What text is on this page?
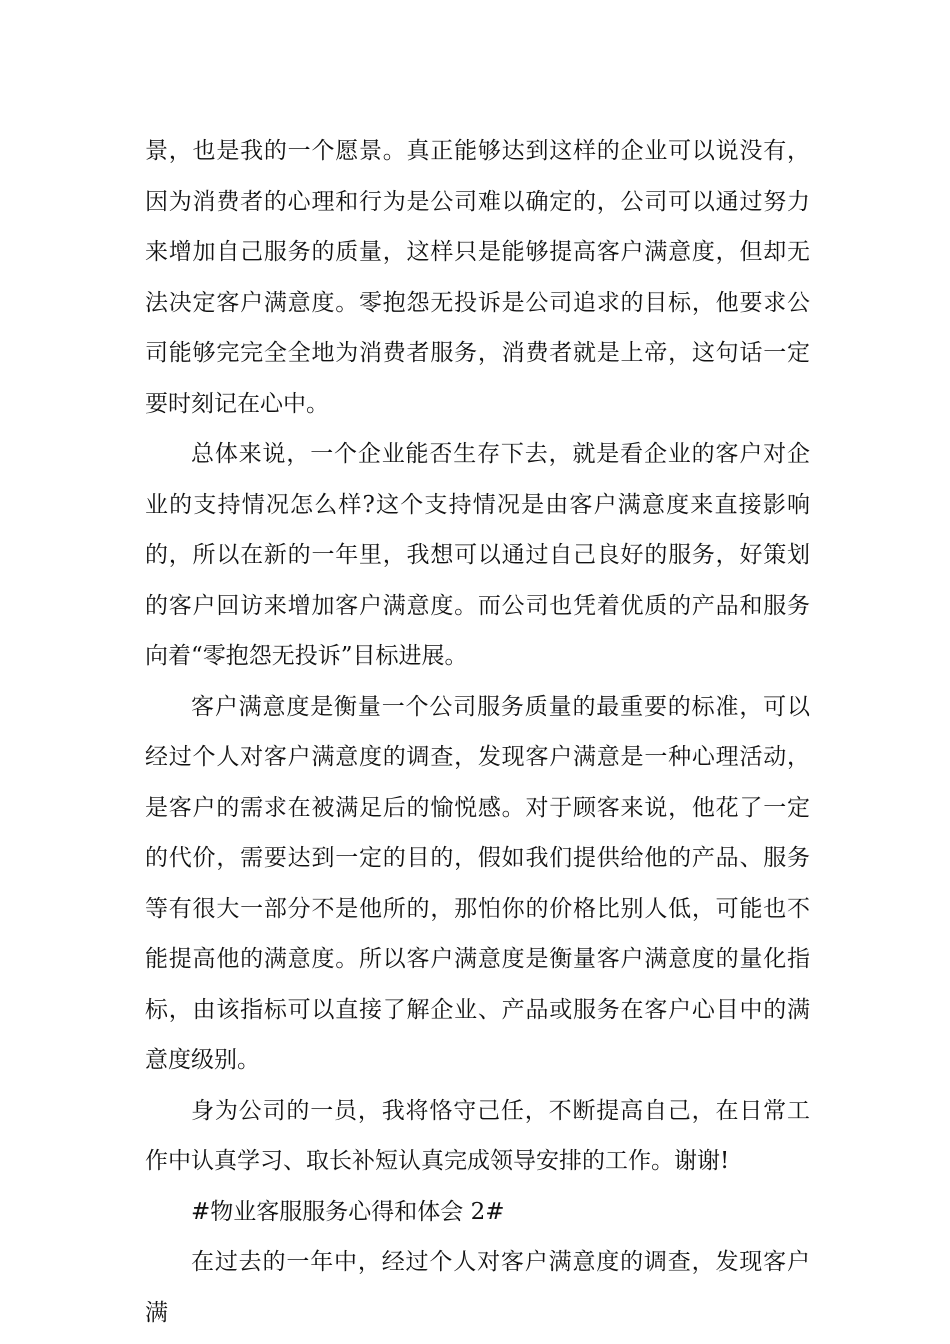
景，也是我的一个愿景。真正能够达到这样的企业可以说没有，因为消费者的心理和行为是公司难以确定的，公司可以通过努力来增加自己服务的质量，这样只是能够提高客户满意度，但却无法决定客户满意度。零抱怨无投诉是公司追求的目标，他要求公司能够完完全全地为消费者服务，消费者就是上帝，这句话一定要时刻记在心中。

总体来说，一个企业能否生存下去，就是看企业的客户对企业的支持情况怎么样?这个支持情况是由客户满意度来直接影响的，所以在新的一年里，我想可以通过自己良好的服务，好策划的客户回访来增加客户满意度。而公司也凭着优质的产品和服务向着“零抱怨无投诉”目标进展。

客户满意度是衡量一个公司服务质量的最重要的标准，可以经过个人对客户满意度的调查，发现客户满意是一种心理活动，是客户的需求在被满足后的愉悦感。对于顾客来说，他花了一定的代价，需要达到一定的目的，假如我们提供给他的产品、服务等有很大一部分不是他所的，那怕你的价格比别人低，可能也不能提高他的满意度。所以客户满意度是衡量客户满意度的量化指标，由该指标可以直接了解企业、产品或服务在客户心目中的满意度级别。

身为公司的一员，我将恪守己任，不断提高自己，在日常工作中认真学习、取长补短认真完成领导安排的工作。谢谢!

#物业客服服务心得和体会 2#

在过去的一年中，经过个人对客户满意度的调查，发现客户满
